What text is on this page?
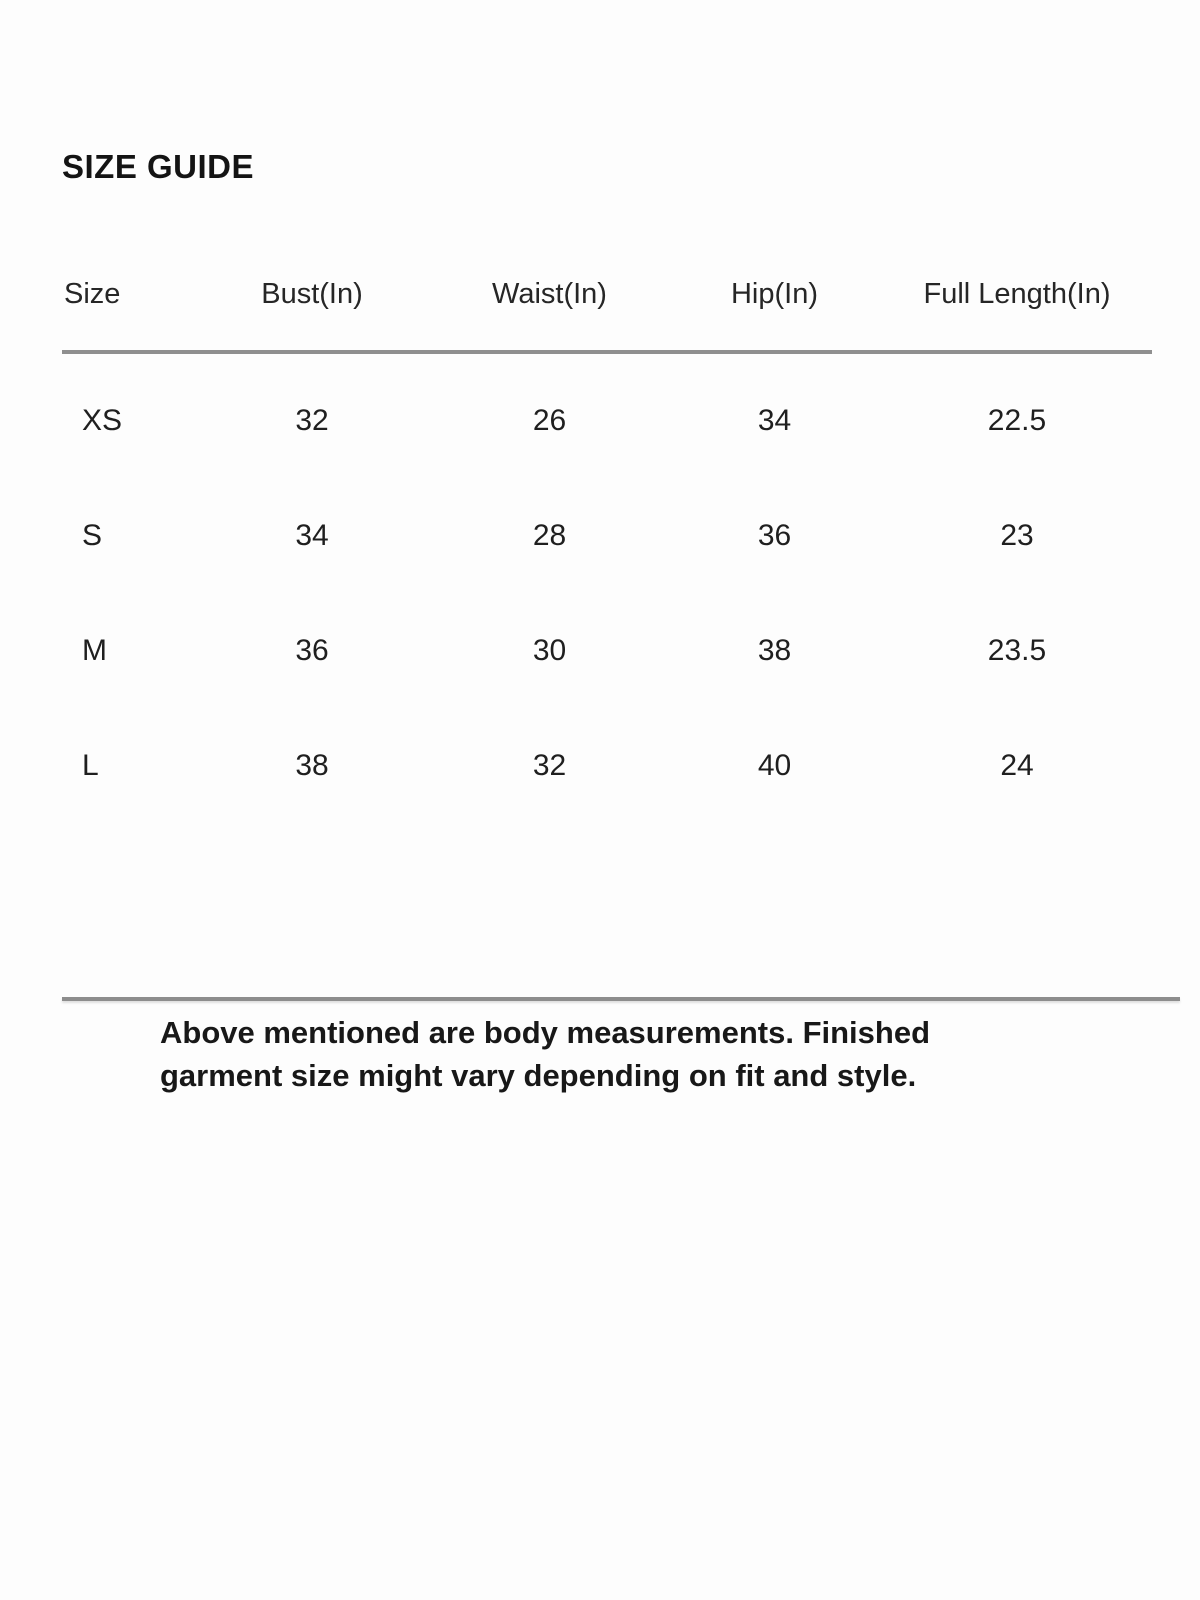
SIZE GUIDE
Size	Bust(In)	Waist(In)	Hip(In)	Full Length(In)
XS	32	26	34	22.5
S	34	28	36	23
M	36	30	38	23.5
L	38	32	40	24

Above mentioned are body measurements. Finished
garment size might vary depending on fit and style.
